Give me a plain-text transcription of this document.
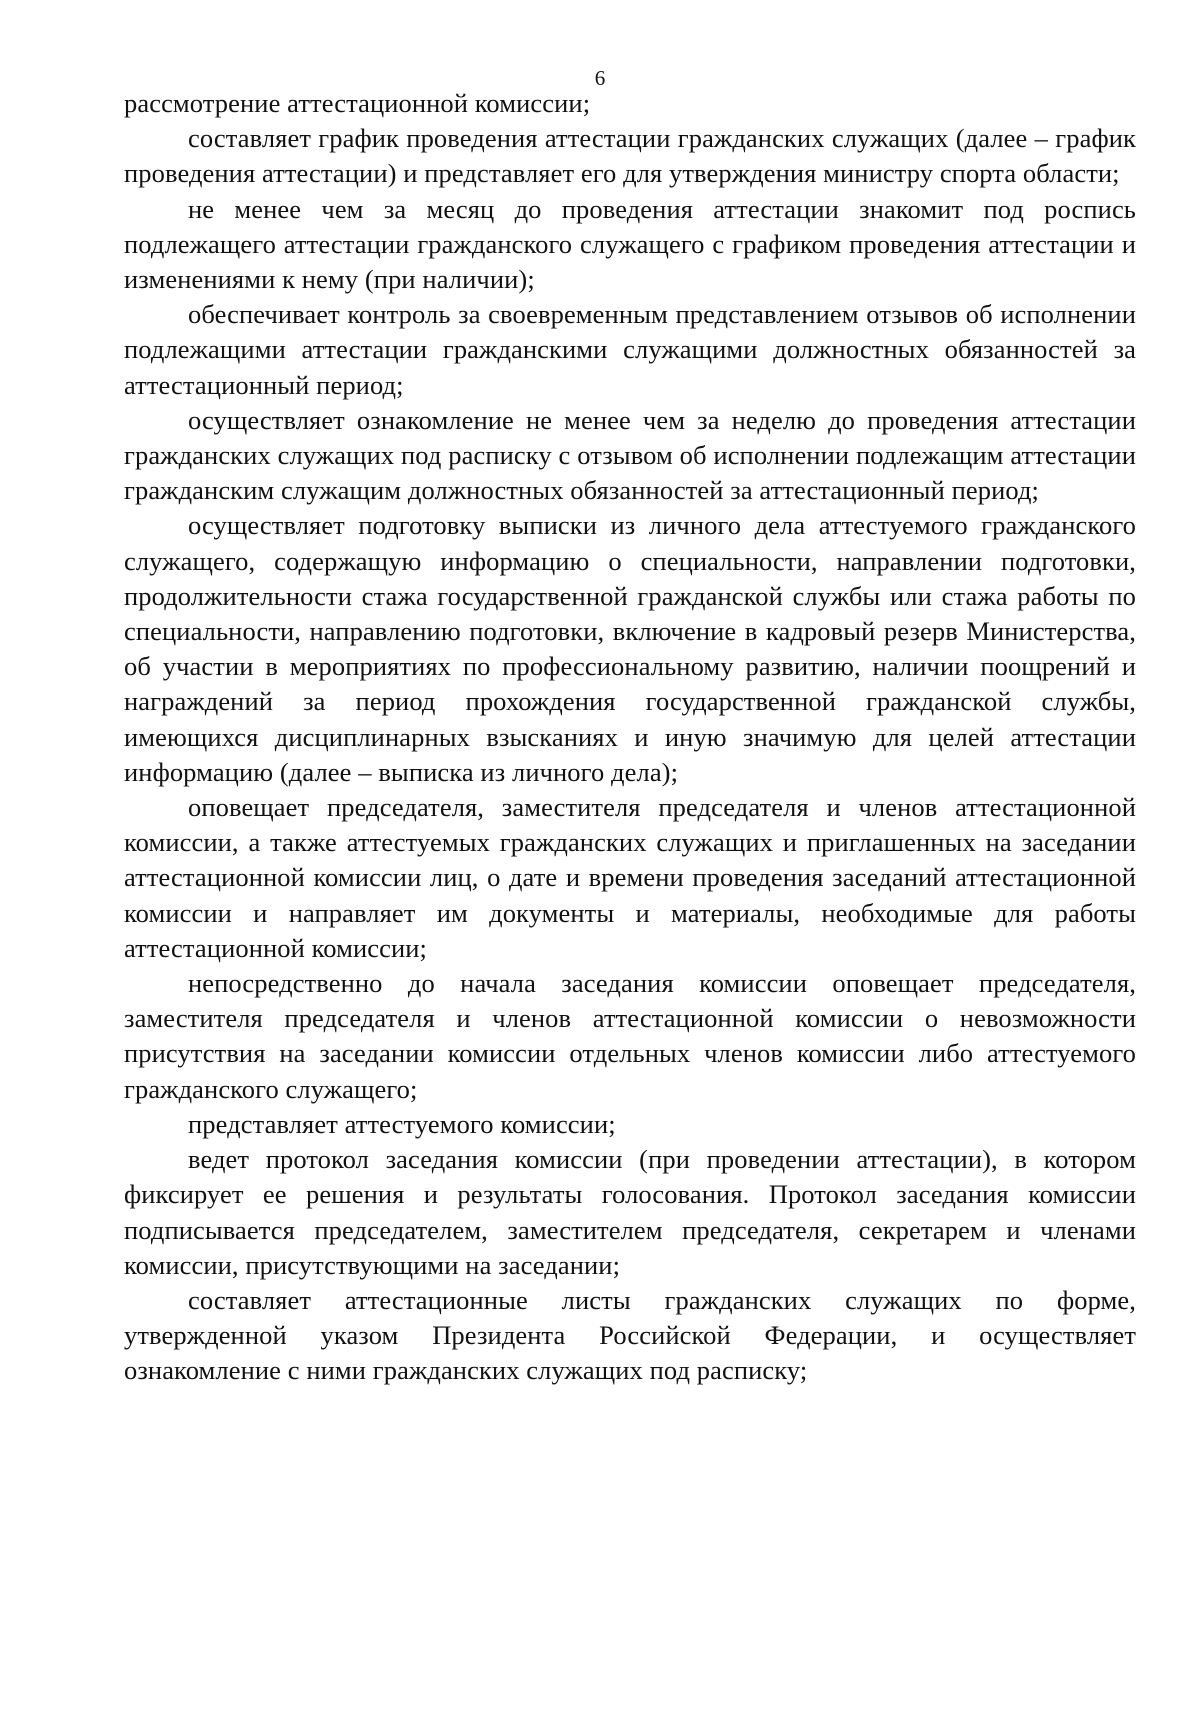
6

рассмотрение аттестационной комиссии;

составляет график проведения аттестации гражданских служащих (далее – график проведения аттестации) и представляет его для утверждения министру спорта области;

не менее чем за месяц до проведения аттестации знакомит под роспись подлежащего аттестации гражданского служащего с графиком проведения аттестации и изменениями к нему (при наличии);

обеспечивает контроль за своевременным представлением отзывов об исполнении подлежащими аттестации гражданскими служащими должностных обязанностей за аттестационный период;

осуществляет ознакомление не менее чем за неделю до проведения аттестации гражданских служащих под расписку с отзывом об исполнении подлежащим аттестации гражданским служащим должностных обязанностей за аттестационный период;

осуществляет подготовку выписки из личного дела аттестуемого гражданского служащего, содержащую информацию о специальности, направлении подготовки, продолжительности стажа государственной гражданской службы или стажа работы по специальности, направлению подготовки, включение в кадровый резерв Министерства, об участии в мероприятиях по профессиональному развитию, наличии поощрений и награждений за период прохождения государственной гражданской службы, имеющихся дисциплинарных взысканиях и иную значимую для целей аттестации информацию (далее – выписка из личного дела);

оповещает председателя, заместителя председателя и членов аттестационной комиссии, а также аттестуемых гражданских служащих и приглашенных на заседании аттестационной комиссии лиц, о дате и времени проведения заседаний аттестационной комиссии и направляет им документы и материалы, необходимые для работы аттестационной комиссии;

непосредственно до начала заседания комиссии оповещает председателя, заместителя председателя и членов аттестационной комиссии о невозможности присутствия на заседании комиссии отдельных членов комиссии либо аттестуемого гражданского служащего;

представляет аттестуемого комиссии;

ведет протокол заседания комиссии (при проведении аттестации), в котором фиксирует ее решения и результаты голосования. Протокол заседания комиссии подписывается председателем, заместителем председателя, секретарем и членами комиссии, присутствующими на заседании;

составляет аттестационные листы гражданских служащих по форме, утвержденной указом Президента Российской Федерации, и осуществляет ознакомление с ними гражданских служащих под расписку;
